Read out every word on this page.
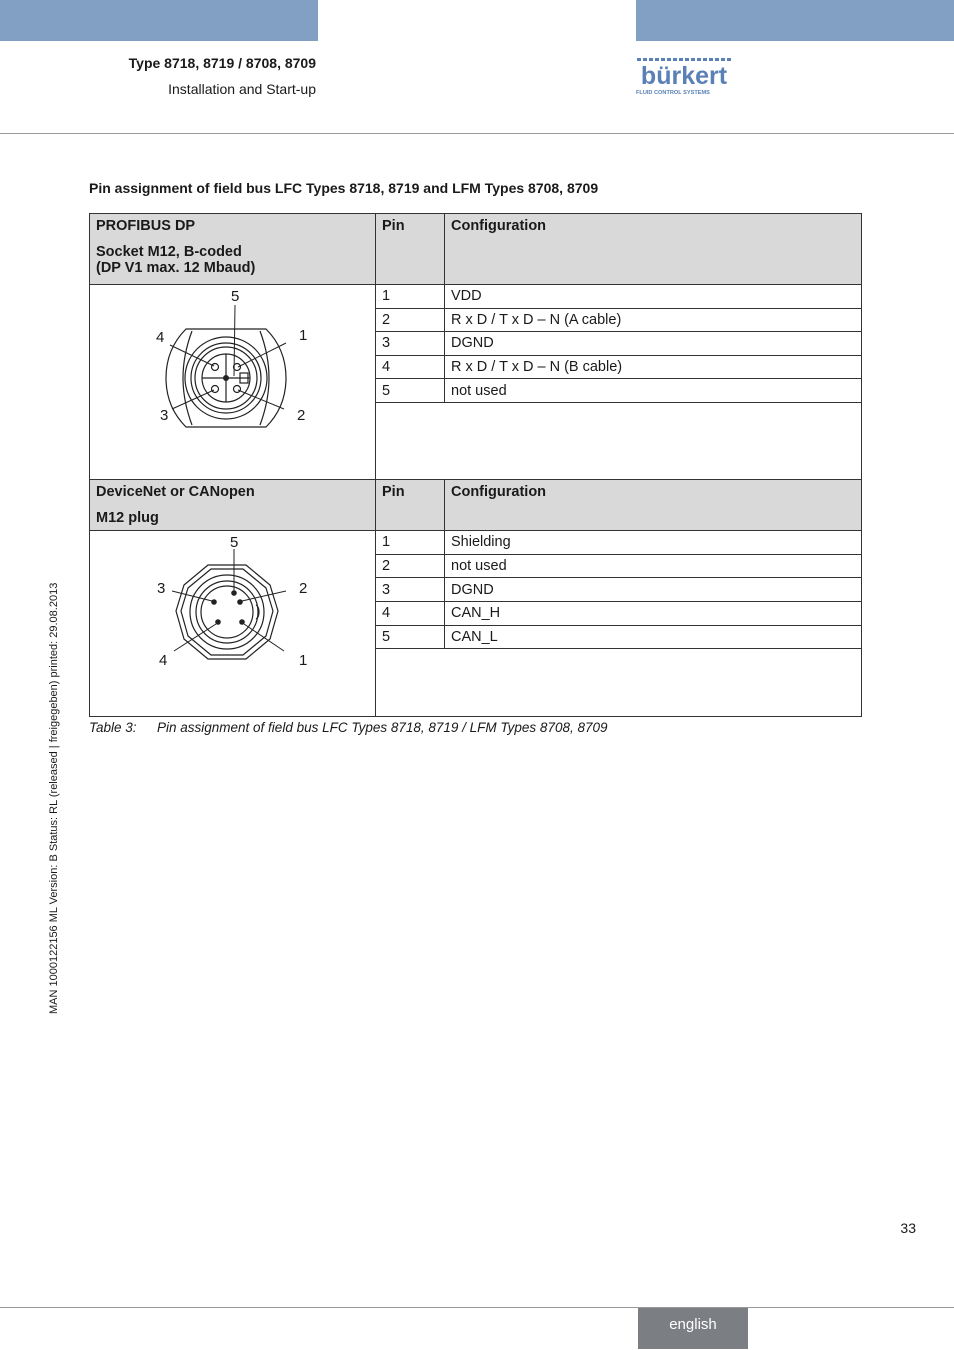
Type 8718, 8719 / 8708, 8709
Installation and Start-up	bürkert
FLUID CONTROL SYSTEMS
Pin assignment of field bus LFC Types 8718, 8719 and LFM Types 8708, 8709
PROFIBUS DP
Socket M12, B-coded
(DP V1 max. 12 Mbaud)	Pin	Configuration

5
4 1
3 2	1	VDD
	2	R x D / T x D – N (A cable)
	3	DGND
	4	R x D / T x D – N (B cable)
	5	not used

DeviceNet or CANopen
M12 plug	Pin	Configuration

5
3 2
4 1	1	Shielding
	2	not used
	3	DGND
	4	CAN_H
	5	CAN_L

Table 3: Pin assignment of field bus LFC Types 8718, 8719 / LFM Types 8708, 8709
MAN 1000122156 ML Version: B Status: RL (released | freigegeben) printed: 29.08.2013
33
english
